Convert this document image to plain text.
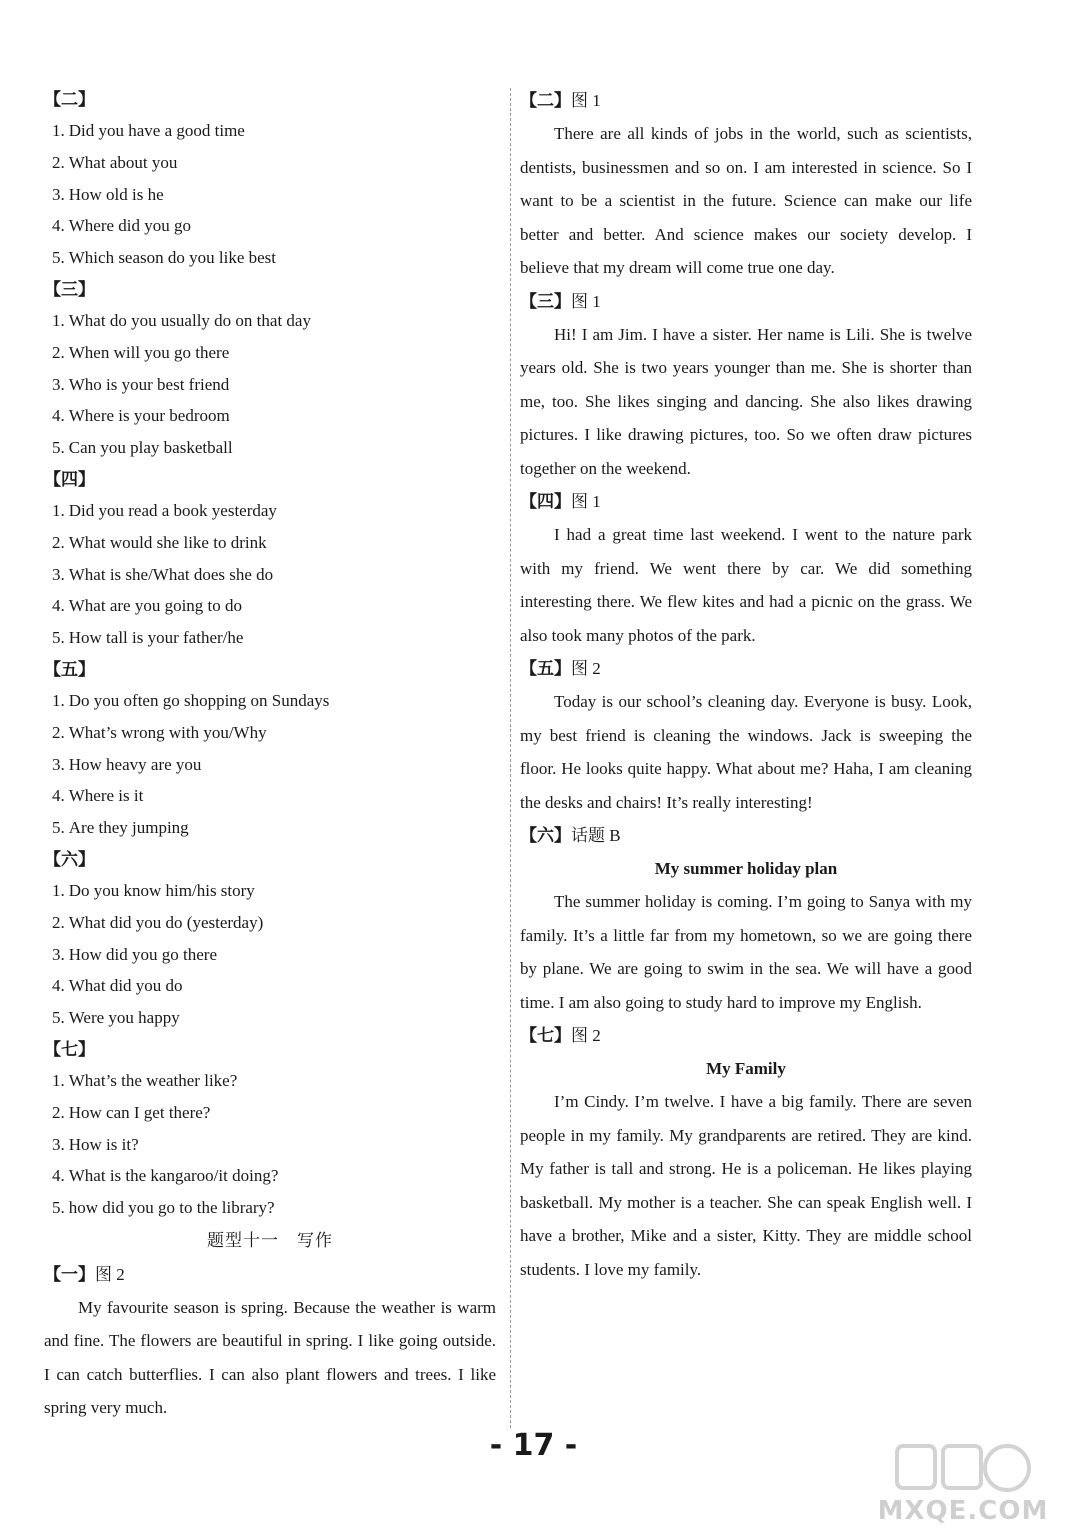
【二】
1. Did you have a good time
2. What about you
3. How old is he
4. Where did you go
5. Which season do you like best
【三】
1. What do you usually do on that day
2. When will you go there
3. Who is your best friend
4. Where is your bedroom
5. Can you play basketball
【四】
1. Did you read a book yesterday
2. What would she like to drink
3. What is she/What does she do
4. What are you going to do
5. How tall is your father/he
【五】
1. Do you often go shopping on Sundays
2. What’s wrong with you/Why
3. How heavy are you
4. Where is it
5. Are they jumping
【六】
1. Do you know him/his story
2. What did you do (yesterday)
3. How did you go there
4. What did you do
5. Were you happy
【七】
1. What’s the weather like?
2. How can I get there?
3. How is it?
4. What is the kangaroo/it doing?
5. how did you go to the library?
题型十一　写作
【一】图 2

My favourite season is spring. Because the weather is warm and fine. The flowers are beautiful in spring. I like going outside. I can catch butterflies. I can also plant flowers and trees. I like spring very much.

【二】图 1

There are all kinds of jobs in the world, such as scientists, dentists, businessmen and so on. I am interested in science. So I want to be a scientist in the future. Science can make our life better and better. And science makes our society develop. I believe that my dream will come true one day.

【三】图 1

Hi! I am Jim. I have a sister. Her name is Lili. She is twelve years old. She is two years younger than me. She is shorter than me, too. She likes singing and dancing. She also likes drawing pictures. I like drawing pictures, too. So we often draw pictures together on the weekend.

【四】图 1

I had a great time last weekend. I went to the nature park with my friend. We went there by car. We did something interesting there. We flew kites and had a picnic on the grass. We also took many photos of the park.

【五】图 2

Today is our school’s cleaning day. Everyone is busy. Look, my best friend is cleaning the windows. Jack is sweeping the floor. He looks quite happy. What about me? Haha, I am cleaning the desks and chairs! It’s really interesting!

【六】话题 B
My summer holiday plan

The summer holiday is coming. I’m going to Sanya with my family. It’s a little far from my hometown, so we are going there by plane. We are going to swim in the sea. We will have a good time. I am also going to study hard to improve my English.

【七】图 2
My Family

I’m Cindy. I’m twelve. I have a big family. There are seven people in my family. My grandparents are retired. They are kind. My father is tall and strong. He is a policeman. He likes playing basketball. My mother is a teacher. She can speak English well. I have a brother, Mike and a sister, Kitty. They are middle school students. I love my family.

- 17 -
MXQE.COM
